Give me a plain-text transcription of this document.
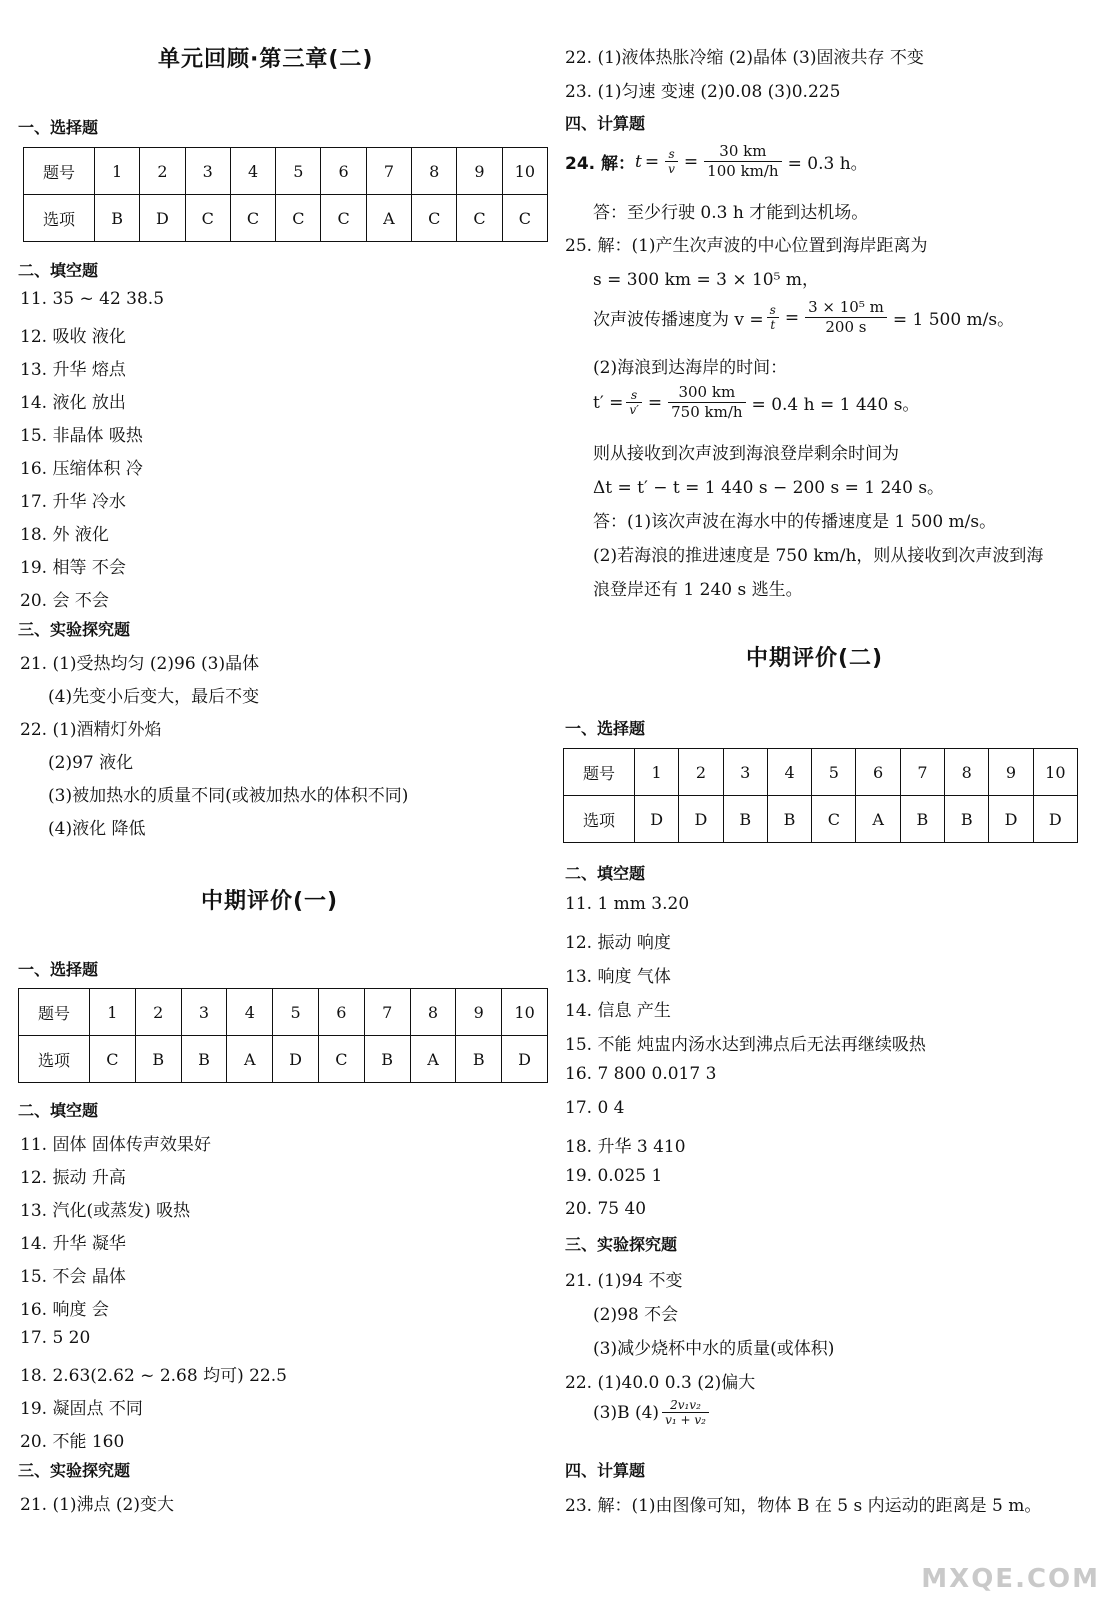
单元回顾·第三章(二)
一、选择题
题号	1	2	3	4	5	6	7	8	9	10
选项	B	D	C	C	C	C	A	C	C	C
二、填空题
11. 35 ~ 42 38.5
12. 吸收 液化
13. 升华 熔点
14. 液化 放出
15. 非晶体 吸热
16. 压缩体积 冷
17. 升华 冷水
18. 外 液化
19. 相等 不会
20. 会 不会
三、实验探究题
21. (1)受热均匀 (2)96 (3)晶体
(4)先变小后变大，最后不变
22. (1)酒精灯外焰
(2)97 液化
(3)被加热水的质量不同(或被加热水的体积不同)
(4)液化 降低
中期评价(一)
一、选择题
题号	1	2	3	4	5	6	7	8	9	10
选项	C	B	B	A	D	C	B	A	B	D
二、填空题
11. 固体 固体传声效果好
12. 振动 升高
13. 汽化(或蒸发) 吸热
14. 升华 凝华
15. 不会 晶体
16. 响度 会
17. 5 20
18. 2.63(2.62 ~ 2.68 均可) 22.5
19. 凝固点 不同
20. 不能 160
三、实验探究题
21. (1)沸点 (2)变大
22. (1)液体热胀冷缩 (2)晶体 (3)固液共存 不变
23. (1)匀速 变速 (2)0.08 (3)0.225
四、计算题
24. 解： $t = \frac{s}{v} = \frac{30 km}{100 km/h} = 0.3$ h。
答：至少行驶 0.3 h 才能到达机场。
25. 解：(1)产生次声波的中心位置到海岸距离为
s = 300 km = 3 × 10⁵ m，
次声波传播速度为 $v = \frac{s}{t} = \frac{\text{3 × 10⁵ m}}{200 s} = 1$ 500 m/s。
(2)海浪到达海岸的时间：
$t' = \frac{s}{v'} = \frac{300 km}{750 km/h} = 0.4$ h = 1 440 s。
则从接收到次声波到海浪登岸剩余时间为
Δt = t′ − t = 1 440 s − 200 s = 1 240 s。
答：(1)该次声波在海水中的传播速度是 1 500 m/s。
(2)若海浪的推进速度是 750 km/h，则从接收到次声波到海
浪登岸还有 1 240 s 逃生。
中期评价(二)
一、选择题
题号	1	2	3	4	5	6	7	8	9	10
选项	D	D	B	B	C	A	B	B	D	D
二、填空题
11. 1 mm 3.20
12. 振动 响度
13. 响度 气体
14. 信息 产生
15. 不能 炖盅内汤水达到沸点后无法再继续吸热
16. 7 800 0.017 3
17. 0 4
18. 升华 3 410
19. 0.025 1
20. 75 40
三、实验探究题
21. (1)94 不变
(2)98 不会
(3)减少烧杯中水的质量(或体积)
22. (1)40.0 0.3 (2)偏大
(3)B $(4) \frac{\text{2v₁v₂}}{\text{v₁ + v₂}}$
四、计算题
23. 解：(1)由图像可知，物体 B 在 5 s 内运动的距离是 5 m。
MXQE.COM
